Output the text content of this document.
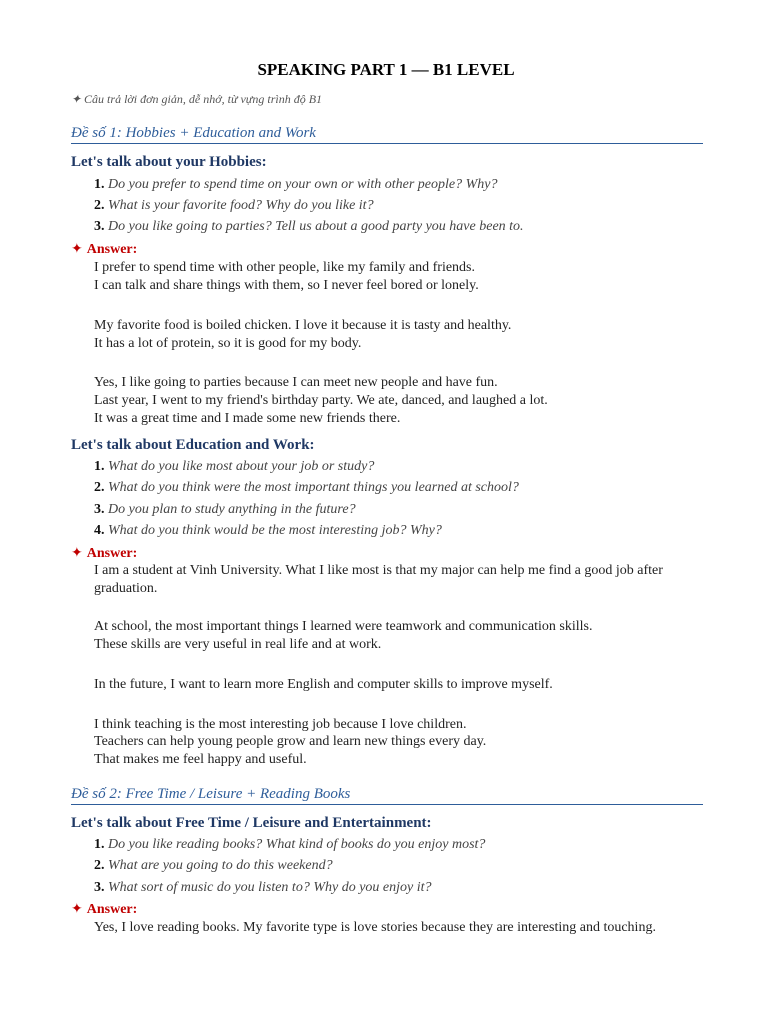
SPEAKING PART 1 — B1 LEVEL
✦ Câu trả lời đơn giản, dễ nhớ, từ vựng trình độ B1
Đề số 1: Hobbies + Education and Work
Let's talk about your Hobbies:
1. Do you prefer to spend time on your own or with other people? Why?
2. What is your favorite food? Why do you like it?
3. Do you like going to parties? Tell us about a good party you have been to.
✦ Answer:
I prefer to spend time with other people, like my family and friends.
I can talk and share things with them, so I never feel bored or lonely.
My favorite food is boiled chicken. I love it because it is tasty and healthy.
It has a lot of protein, so it is good for my body.
Yes, I like going to parties because I can meet new people and have fun.
Last year, I went to my friend's birthday party. We ate, danced, and laughed a lot.
It was a great time and I made some new friends there.
Let's talk about Education and Work:
1. What do you like most about your job or study?
2. What do you think were the most important things you learned at school?
3. Do you plan to study anything in the future?
4. What do you think would be the most interesting job? Why?
✦ Answer:
I am a student at Vinh University. What I like most is that my major can help me find a good job after graduation.
At school, the most important things I learned were teamwork and communication skills.
These skills are very useful in real life and at work.
In the future, I want to learn more English and computer skills to improve myself.
I think teaching is the most interesting job because I love children.
Teachers can help young people grow and learn new things every day.
That makes me feel happy and useful.
Đề số 2: Free Time / Leisure + Reading Books
Let's talk about Free Time / Leisure and Entertainment:
1. Do you like reading books? What kind of books do you enjoy most?
2. What are you going to do this weekend?
3. What sort of music do you listen to? Why do you enjoy it?
✦ Answer:
Yes, I love reading books. My favorite type is love stories because they are interesting and touching.
